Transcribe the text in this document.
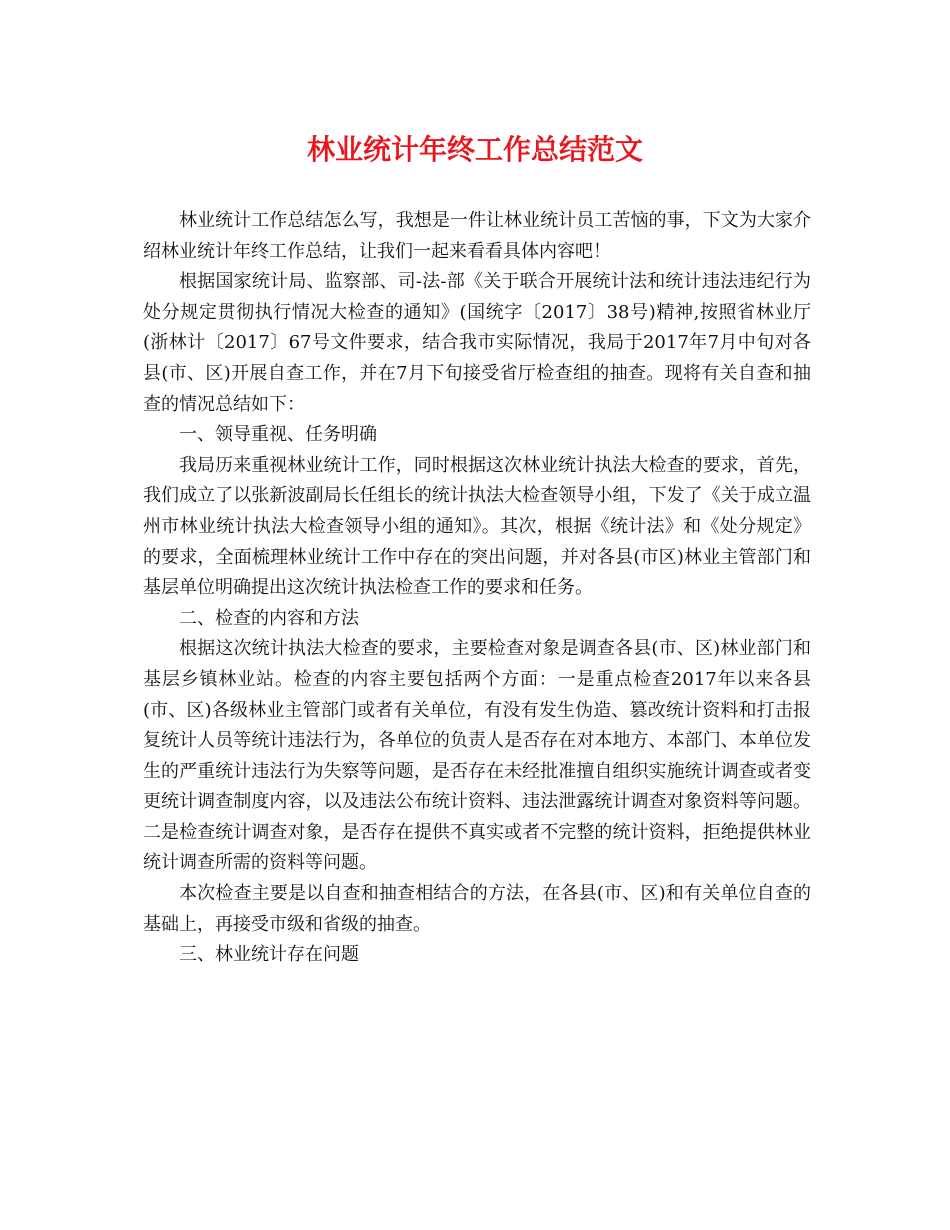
林业统计年终工作总结范文

林业统计工作总结怎么写，我想是一件让林业统计员工苦恼的事，下文为大家介绍林业统计年终工作总结，让我们一起来看看具体内容吧！

根据国家统计局、监察部、司-法-部《关于联合开展统计法和统计违法违纪行为处分规定贯彻执行情况大检查的通知》(国统字〔2017〕38号)精神,按照省林业厅(浙林计〔2017〕67号文件要求，结合我市实际情况，我局于2017年7月中旬对各县(市、区)开展自查工作，并在7月下旬接受省厅检查组的抽查。现将有关自查和抽查的情况总结如下：

一、领导重视、任务明确

我局历来重视林业统计工作，同时根据这次林业统计执法大检查的要求，首先，我们成立了以张新波副局长任组长的统计执法大检查领导小组，下发了《关于成立温州市林业统计执法大检查领导小组的通知》。其次，根据《统计法》和《处分规定》的要求，全面梳理林业统计工作中存在的突出问题，并对各县(市区)林业主管部门和基层单位明确提出这次统计执法检查工作的要求和任务。

二、检查的内容和方法

根据这次统计执法大检查的要求，主要检查对象是调查各县(市、区)林业部门和基层乡镇林业站。检查的内容主要包括两个方面：一是重点检查2017年以来各县(市、区)各级林业主管部门或者有关单位，有没有发生伪造、篡改统计资料和打击报复统计人员等统计违法行为，各单位的负责人是否存在对本地方、本部门、本单位发生的严重统计违法行为失察等问题，是否存在未经批准擅自组织实施统计调查或者变更统计调查制度内容，以及违法公布统计资料、违法泄露统计调查对象资料等问题。二是检查统计调查对象，是否存在提供不真实或者不完整的统计资料，拒绝提供林业统计调查所需的资料等问题。

本次检查主要是以自查和抽查相结合的方法，在各县(市、区)和有关单位自查的基础上，再接受市级和省级的抽查。

三、林业统计存在问题
